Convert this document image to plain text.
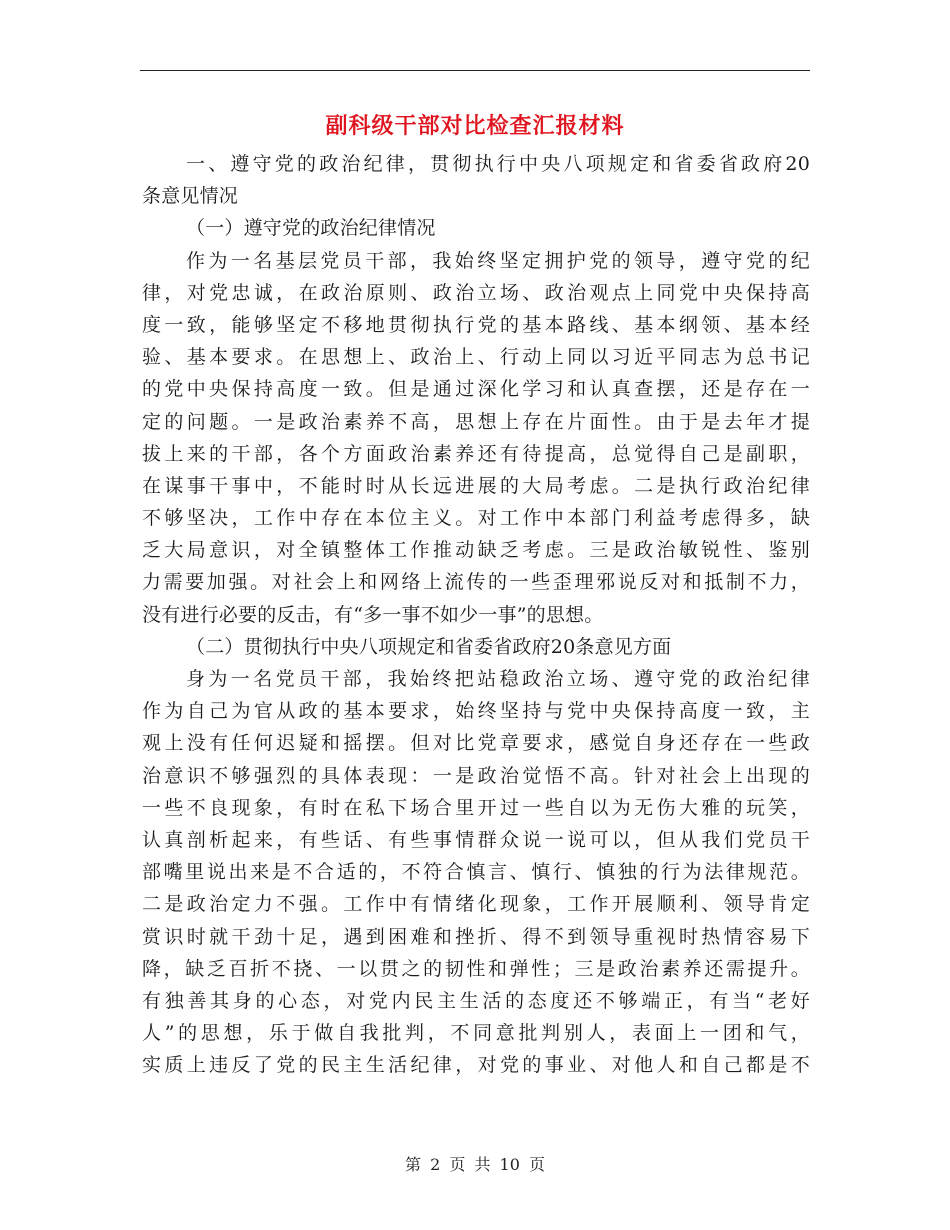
副科级干部对比检查汇报材料
一、遵守党的政治纪律，贯彻执行中央八项规定和省委省政府20
条意见情况
（一）遵守党的政治纪律情况
作为一名基层党员干部，我始终坚定拥护党的领导，遵守党的纪
律，对党忠诚，在政治原则、政治立场、政治观点上同党中央保持高
度一致，能够坚定不移地贯彻执行党的基本路线、基本纲领、基本经
验、基本要求。在思想上、政治上、行动上同以习近平同志为总书记
的党中央保持高度一致。但是通过深化学习和认真查摆，还是存在一
定的问题。一是政治素养不高，思想上存在片面性。由于是去年才提
拔上来的干部，各个方面政治素养还有待提高，总觉得自己是副职，
在谋事干事中，不能时时从长远进展的大局考虑。二是执行政治纪律
不够坚决，工作中存在本位主义。对工作中本部门利益考虑得多，缺
乏大局意识，对全镇整体工作推动缺乏考虑。三是政治敏锐性、鉴别
力需要加强。对社会上和网络上流传的一些歪理邪说反对和抵制不力，
没有进行必要的反击，有“多一事不如少一事”的思想。
（二）贯彻执行中央八项规定和省委省政府20条意见方面
身为一名党员干部，我始终把站稳政治立场、遵守党的政治纪律
作为自己为官从政的基本要求，始终坚持与党中央保持高度一致，主
观上没有任何迟疑和摇摆。但对比党章要求，感觉自身还存在一些政
治意识不够强烈的具体表现：一是政治觉悟不高。针对社会上出现的
一些不良现象，有时在私下场合里开过一些自以为无伤大雅的玩笑，
认真剖析起来，有些话、有些事情群众说一说可以，但从我们党员干
部嘴里说出来是不合适的，不符合慎言、慎行、慎独的行为法律规范。
二是政治定力不强。工作中有情绪化现象，工作开展顺利、领导肯定
赏识时就干劲十足，遇到困难和挫折、得不到领导重视时热情容易下
降，缺乏百折不挠、一以贯之的韧性和弹性；三是政治素养还需提升。
有独善其身的心态，对党内民主生活的态度还不够端正，有当“老好
人”的思想，乐于做自我批判，不同意批判别人，表面上一团和气，
实质上违反了党的民主生活纪律，对党的事业、对他人和自己都是不
第 2 页 共 10 页
